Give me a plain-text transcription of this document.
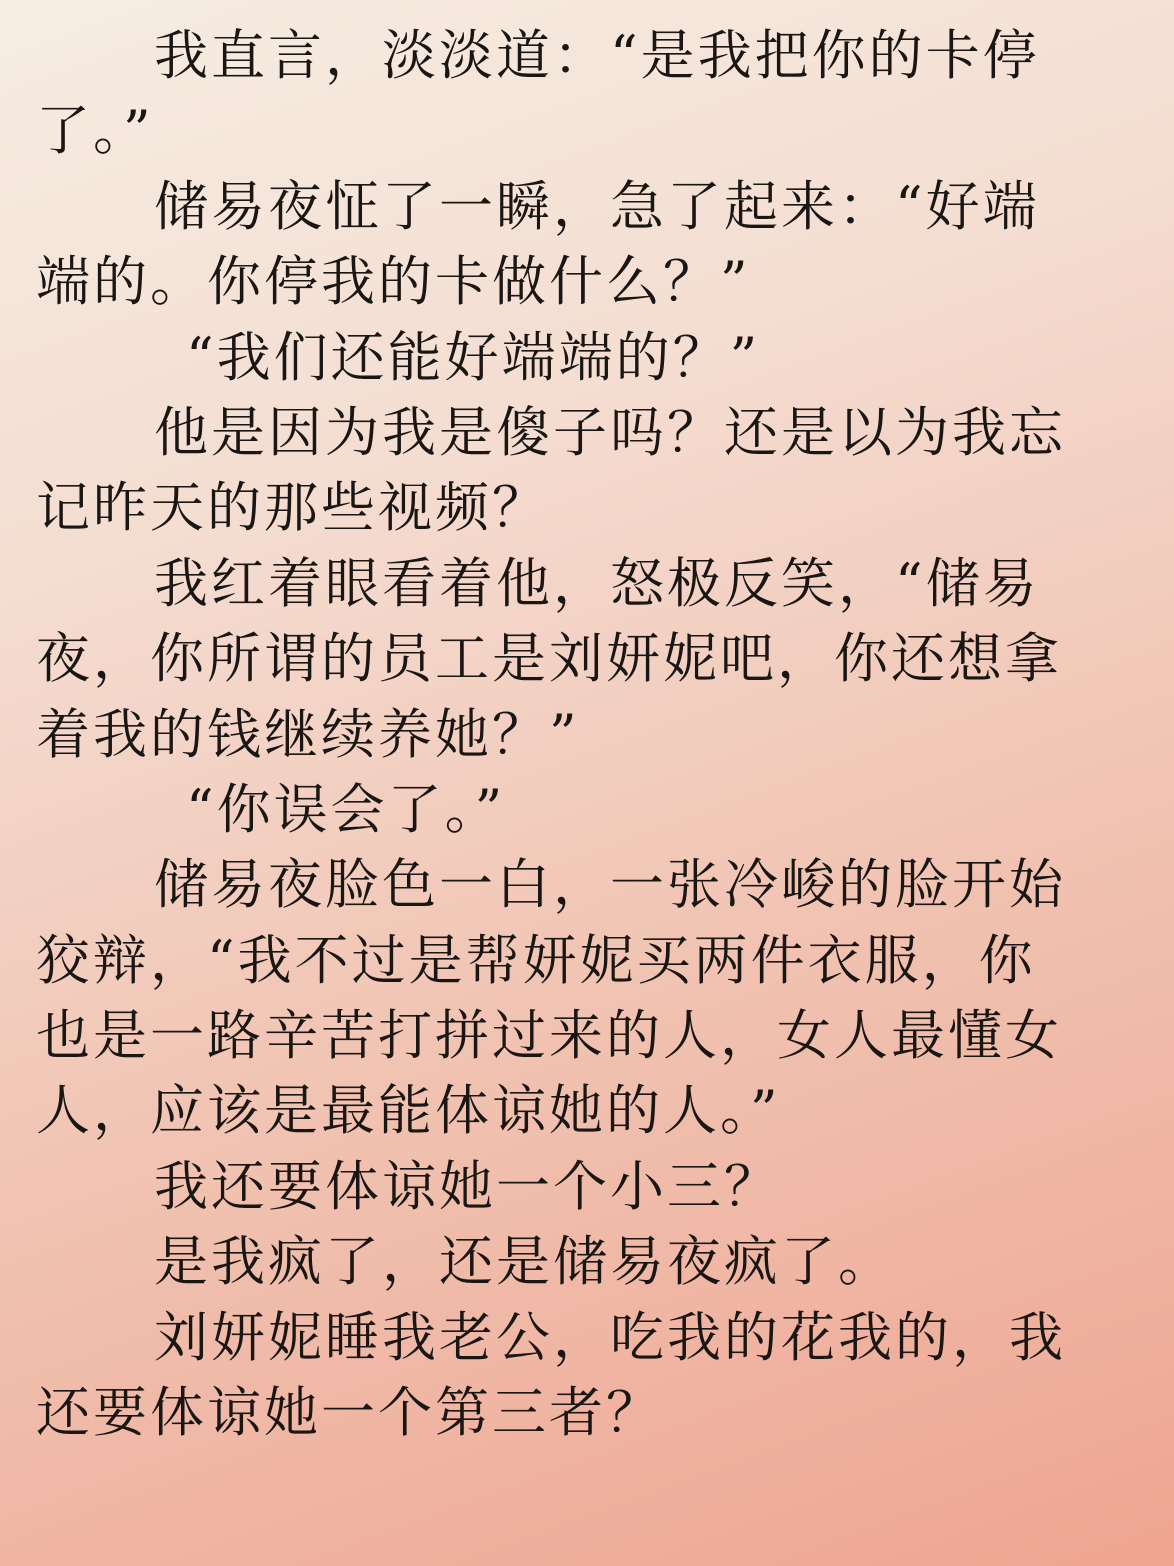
我直言，淡淡道：“是我把你的卡停
了。”
储易夜怔了一瞬，急了起来：“好端
端的。你停我的卡做什么？”
“我们还能好端端的？”
他是因为我是傻子吗？还是以为我忘
记昨天的那些视频？
我红着眼看着他，怒极反笑，“储易
夜，你所谓的员工是刘妍妮吧，你还想拿
着我的钱继续养她？”
“你误会了。”
储易夜脸色一白，一张冷峻的脸开始
狡辩，“我不过是帮妍妮买两件衣服，你
也是一路辛苦打拼过来的人，女人最懂女
人，应该是最能体谅她的人。”
我还要体谅她一个小三？
是我疯了，还是储易夜疯了。
刘妍妮睡我老公，吃我的花我的，我
还要体谅她一个第三者？
